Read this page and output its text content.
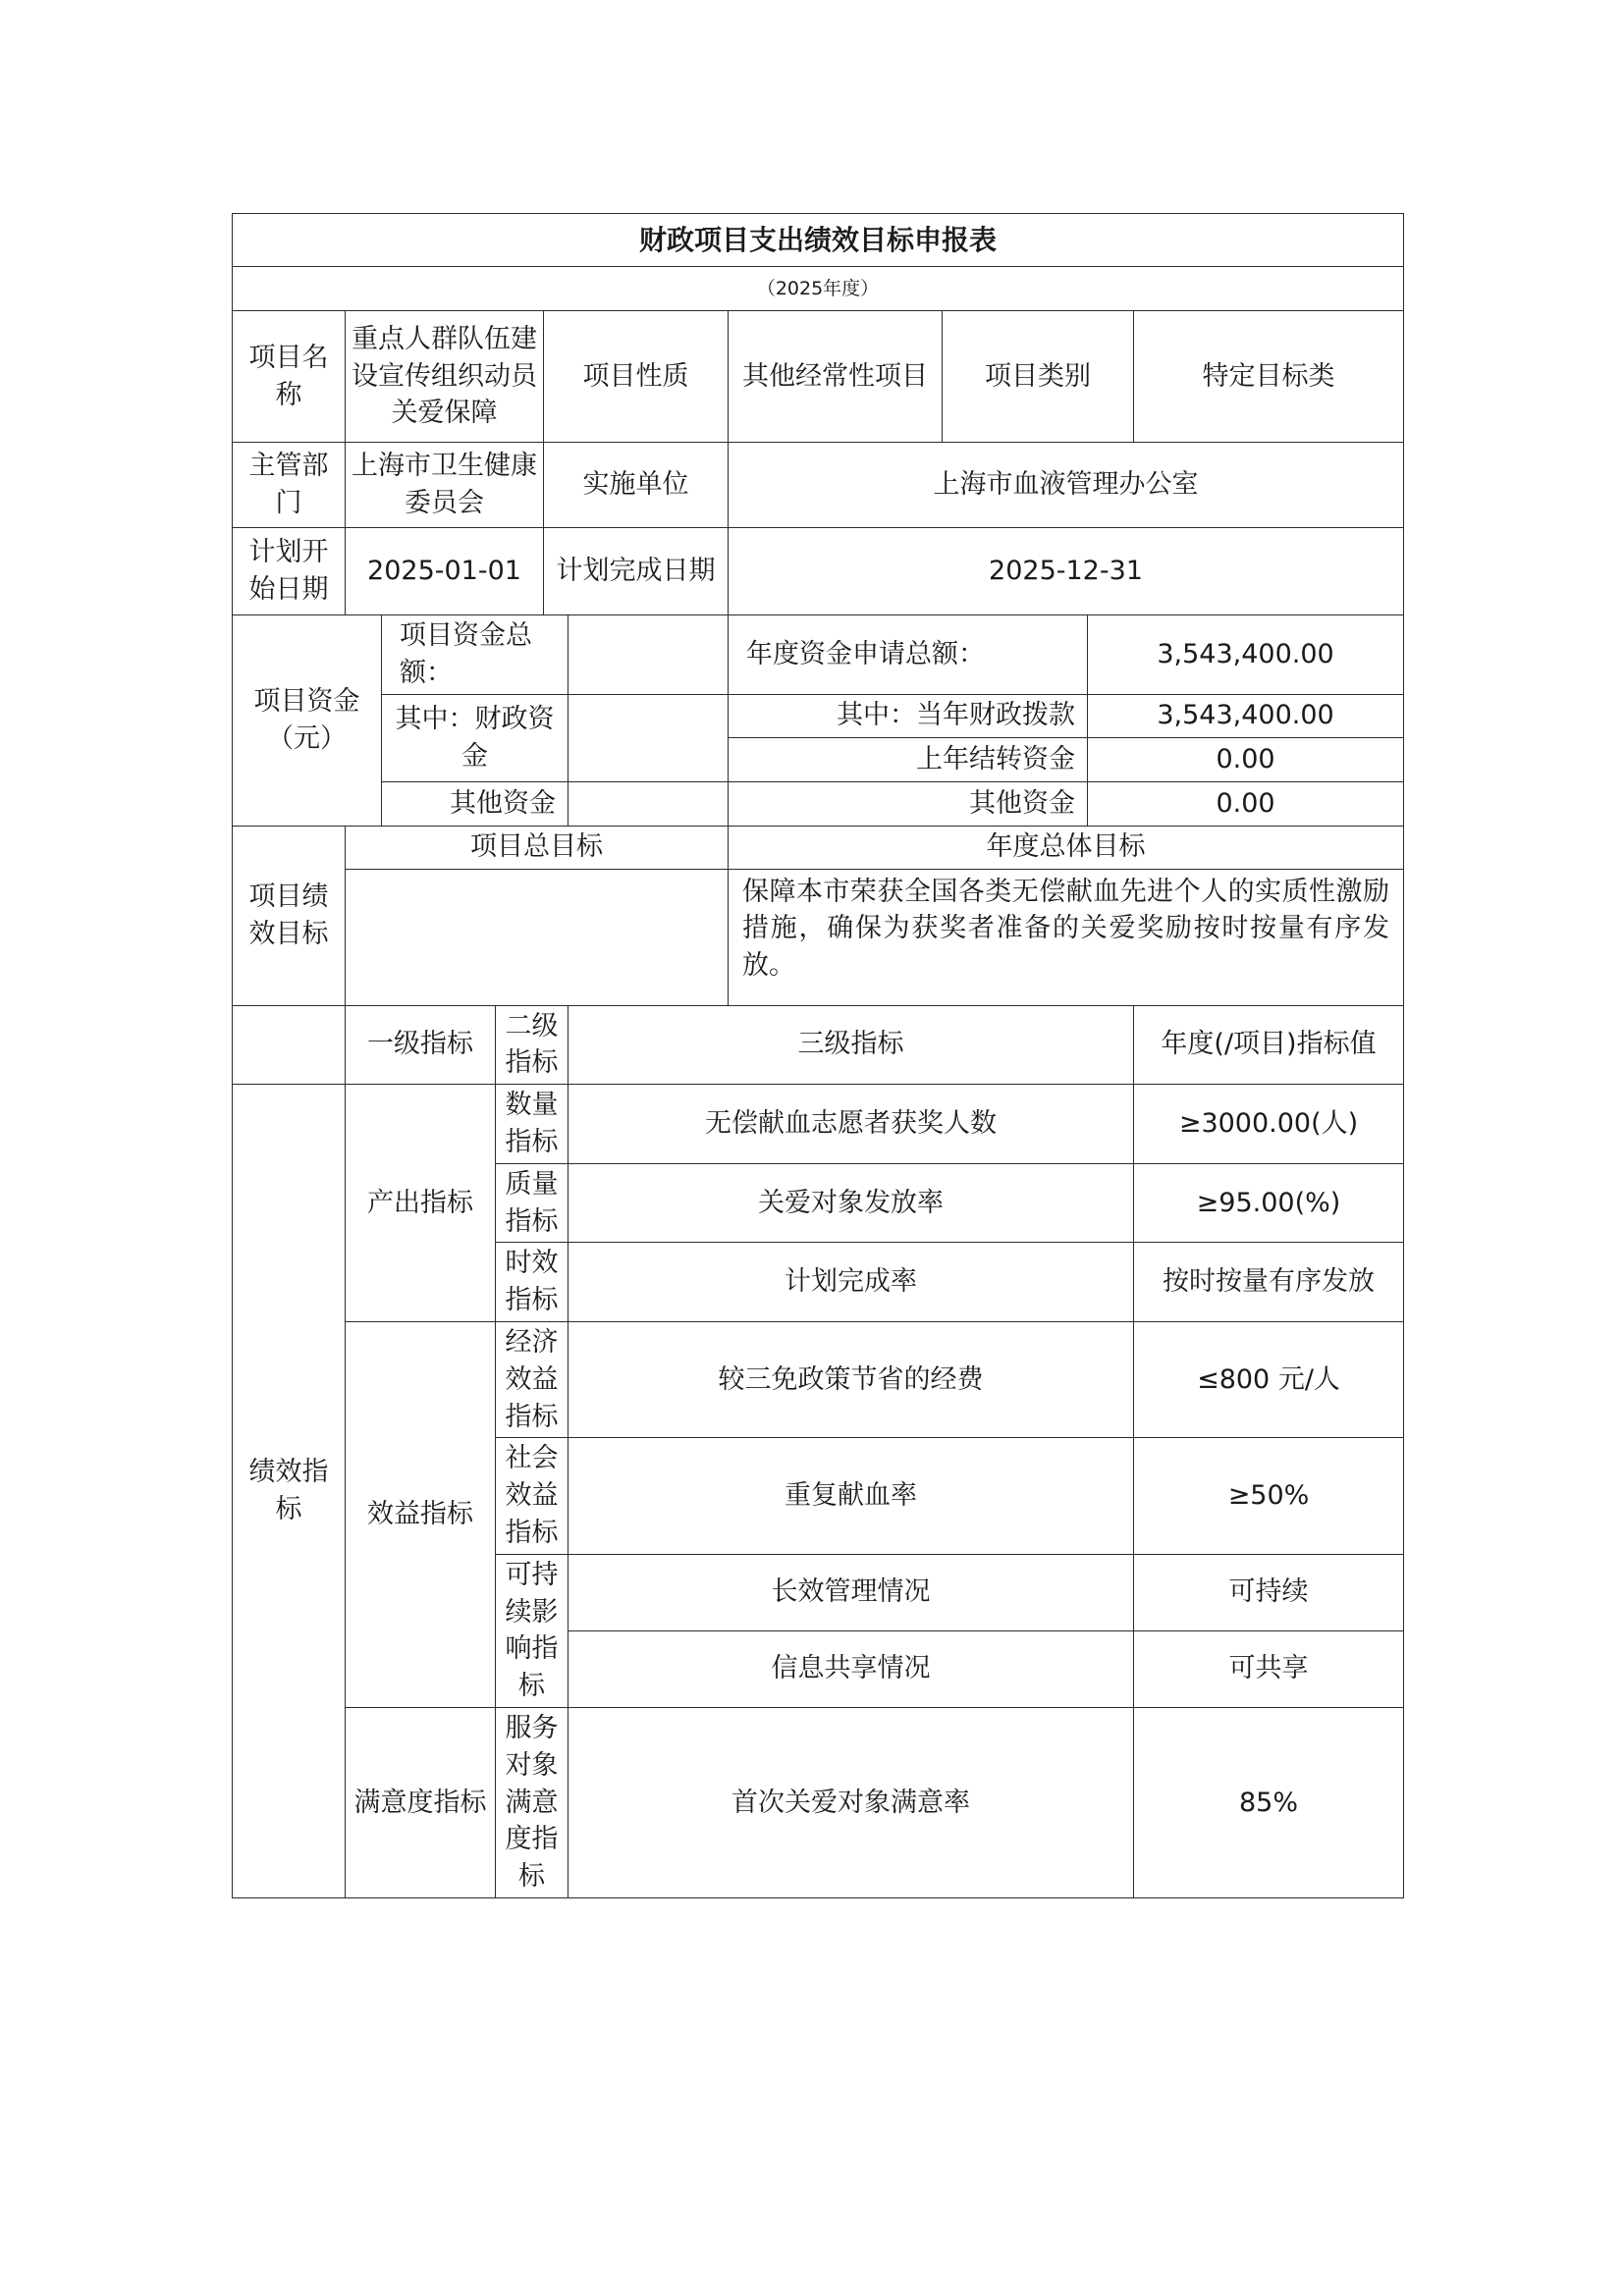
财政项目支出绩效目标申报表									
（2025年度）									
项目名称	重点人群队伍建设宣传组织动员关爱保障			项目性质		其他经常性项目	项目类别		特定目标类
主管部门	上海市卫生健康委员会			实施单位		上海市血液管理办公室			
计划开始日期	2025-01-01			计划完成日期		2025-12-31			
项目资金（元）		项目资金总额：				年度资金申请总额：		3,543,400.00	
		其中：财政资金				其中：当年财政拨款		3,543,400.00	
						上年结转资金		0.00	
		其他资金				其他资金		0.00	
项目绩效目标	项目总目标					年度总体目标			
						保障本市荣获全国各类无偿献血先进个人的实质性激励措施，确保为获奖者准备的关爱奖励按时按量有序发放。			
	一级指标		二级指标		三级指标				年度(/项目)指标值
绩效指标	产出指标		数量指标		无偿献血志愿者获奖人数				≥3000.00(人)
			质量指标		关爱对象发放率				≥95.00(%)
			时效指标		计划完成率				按时按量有序发放
	效益指标		经济效益指标		较三免政策节省的经费				≤800 元/人
			社会效益指标		重复献血率				≥50%
			可持续影响指标		长效管理情况				可持续
					信息共享情况				可共享
	满意度指标		服务对象满意度指标		首次关爱对象满意率				85%
